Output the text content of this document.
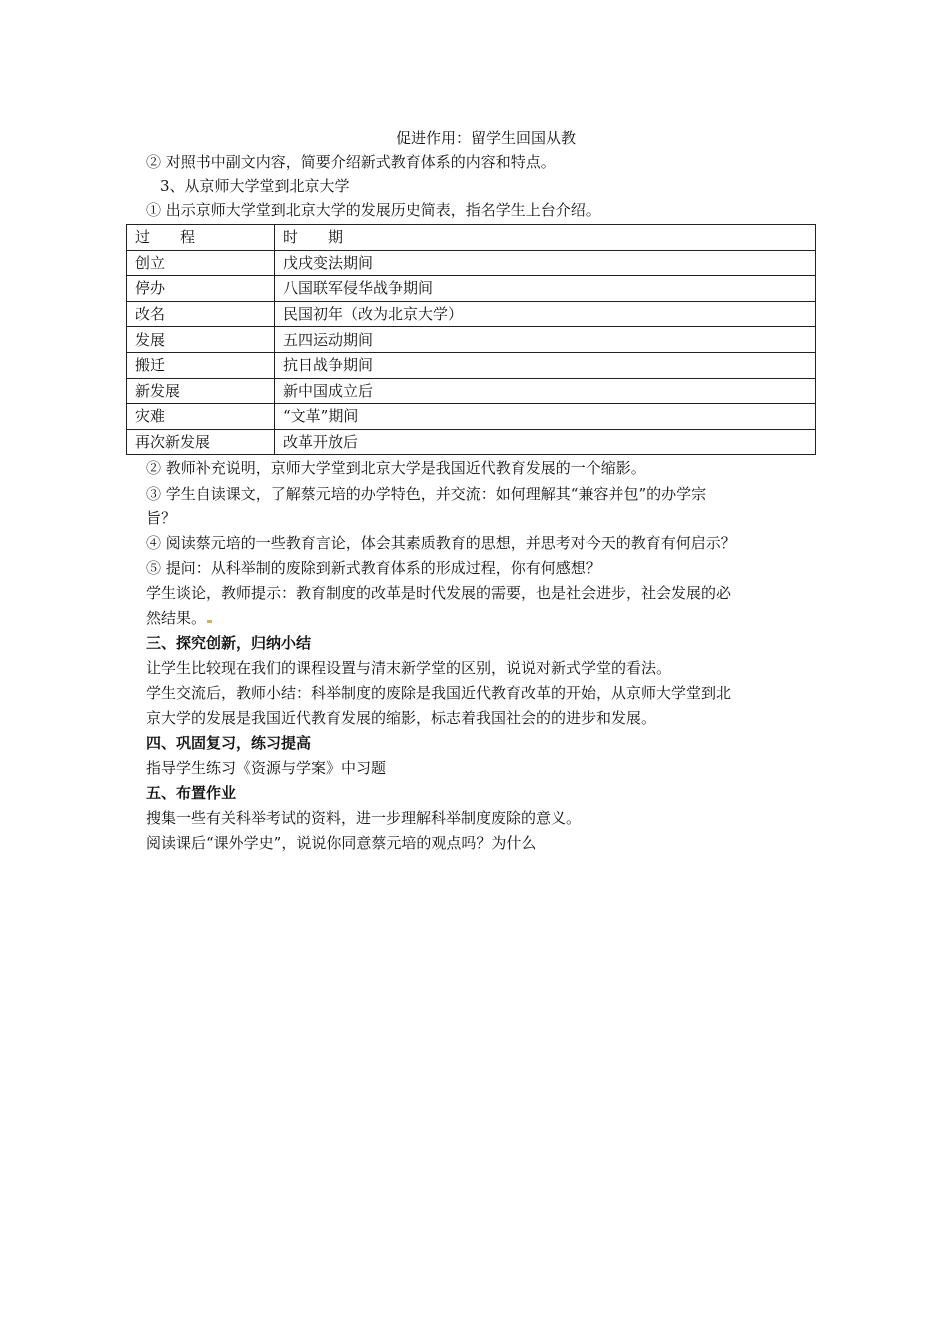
促进作用：留学生回国从教
② 对照书中副文内容，简要介绍新式教育体系的内容和特点。
3、从京师大学堂到北京大学
① 出示京师大学堂到北京大学的发展历史简表，指名学生上台介绍。
过　　程	时　　期
创立	戊戌变法期间
停办	八国联军侵华战争期间
改名	民国初年（改为北京大学）
发展	五四运动期间
搬迁	抗日战争期间
新发展	新中国成立后
灾难	“文革”期间
再次新发展	改革开放后
② 教师补充说明，京师大学堂到北京大学是我国近代教育发展的一个缩影。
③ 学生自读课文，了解蔡元培的办学特色，并交流：如何理解其“兼容并包”的办学宗
旨？
④ 阅读蔡元培的一些教育言论，体会其素质教育的思想，并思考对今天的教育有何启示？
⑤ 提问：从科举制的废除到新式教育体系的形成过程，你有何感想？
学生谈论，教师提示：教育制度的改革是时代发展的需要，也是社会进步，社会发展的必
然结果。
三、探究创新，归纳小结
让学生比较现在我们的课程设置与清末新学堂的区别，说说对新式学堂的看法。
学生交流后，教师小结：科举制度的废除是我国近代教育改革的开始，从京师大学堂到北
京大学的发展是我国近代教育发展的缩影，标志着我国社会的的进步和发展。
四、巩固复习，练习提高
指导学生练习《资源与学案》中习题
五、布置作业
搜集一些有关科举考试的资料，进一步理解科举制度废除的意义。
阅读课后“课外学史”，说说你同意蔡元培的观点吗？为什么
